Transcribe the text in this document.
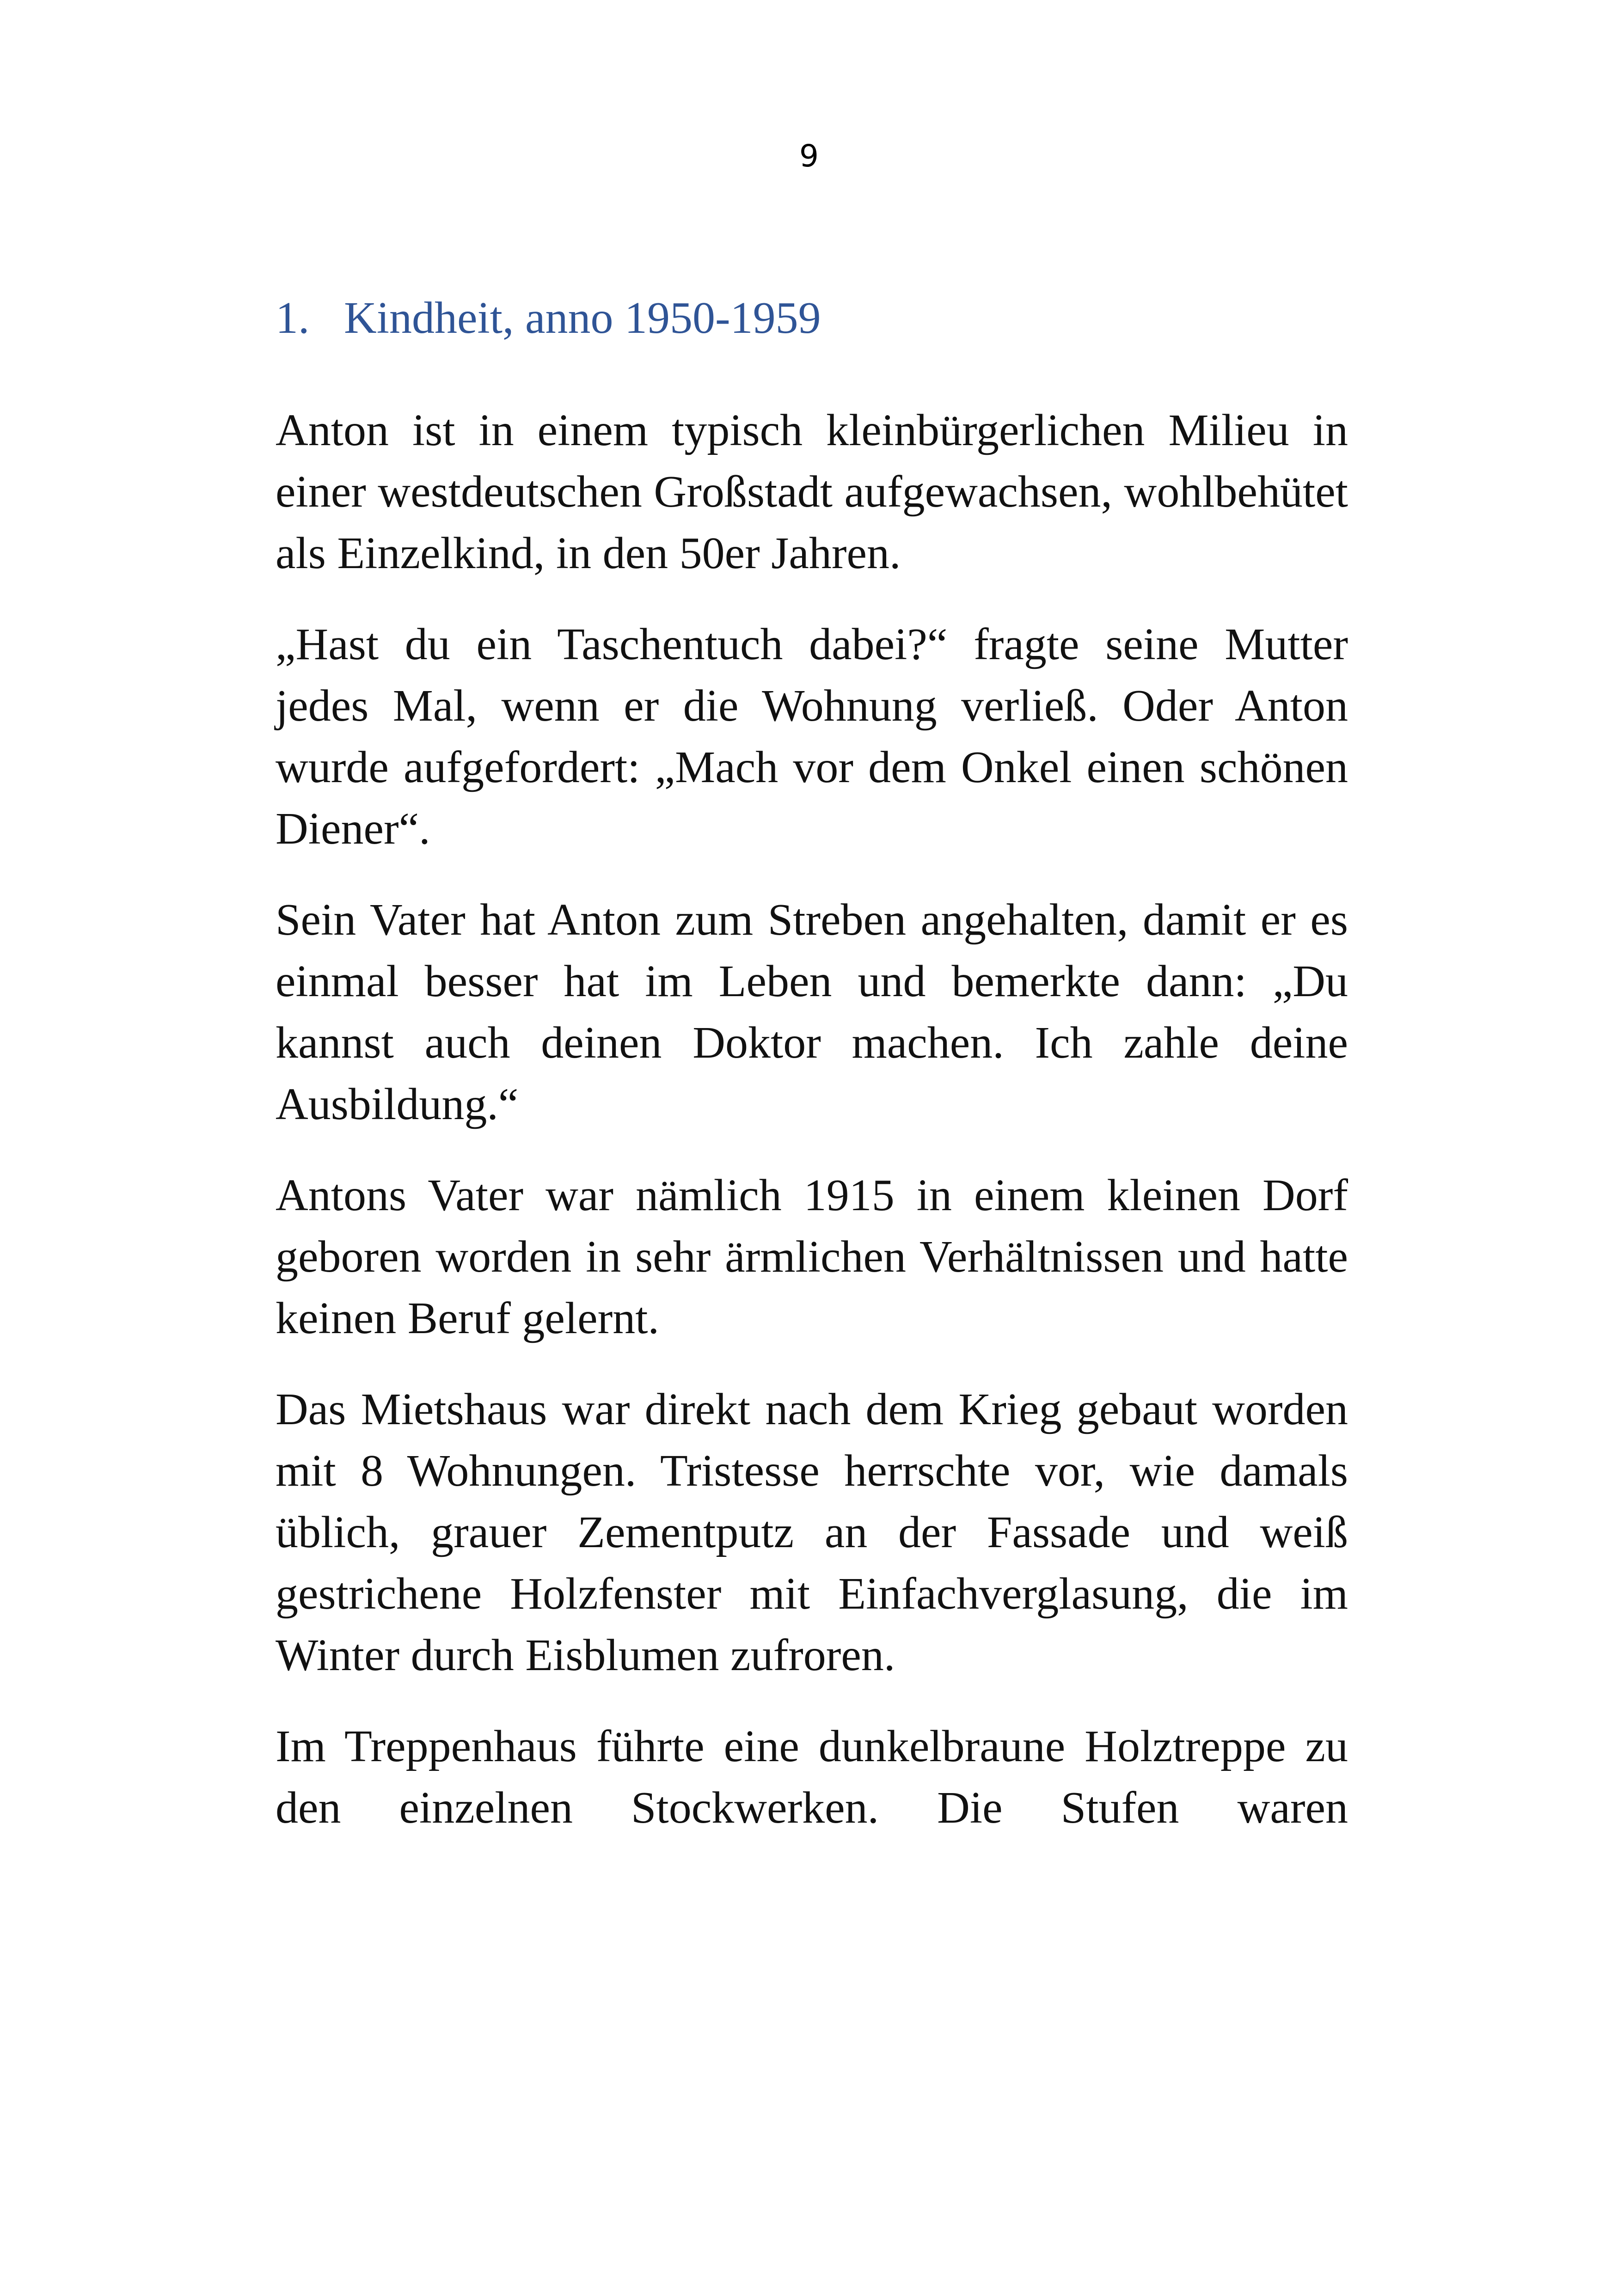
9
1. Kindheit, anno 1950-1959

Anton ist in einem typisch kleinbürgerlichen Milieu in einer westdeutschen Großstadt aufgewachsen, wohlbehütet als Einzelkind, in den 50er Jahren.

„Hast du ein Taschentuch dabei?“ fragte seine Mutter jedes Mal, wenn er die Wohnung verließ. Oder Anton wurde aufgefordert: „Mach vor dem Onkel einen schönen Diener“.

Sein Vater hat Anton zum Streben angehalten, damit er es einmal besser hat im Leben und bemerkte dann: „Du kannst auch deinen Doktor machen. Ich zahle deine Ausbildung.“

Antons Vater war nämlich 1915 in einem kleinen Dorf geboren worden in sehr ärmlichen Verhältnissen und hatte keinen Beruf gelernt.

Das Mietshaus war direkt nach dem Krieg gebaut worden mit 8 Wohnungen. Tristesse herrschte vor, wie damals üblich, grauer Zementputz an der Fassade und weiß gestrichene Holzfenster mit Einfachverglasung, die im Winter durch Eisblumen zufroren.

Im Treppenhaus führte eine dunkelbraune Holztreppe zu den einzelnen Stockwerken. Die Stufen waren
